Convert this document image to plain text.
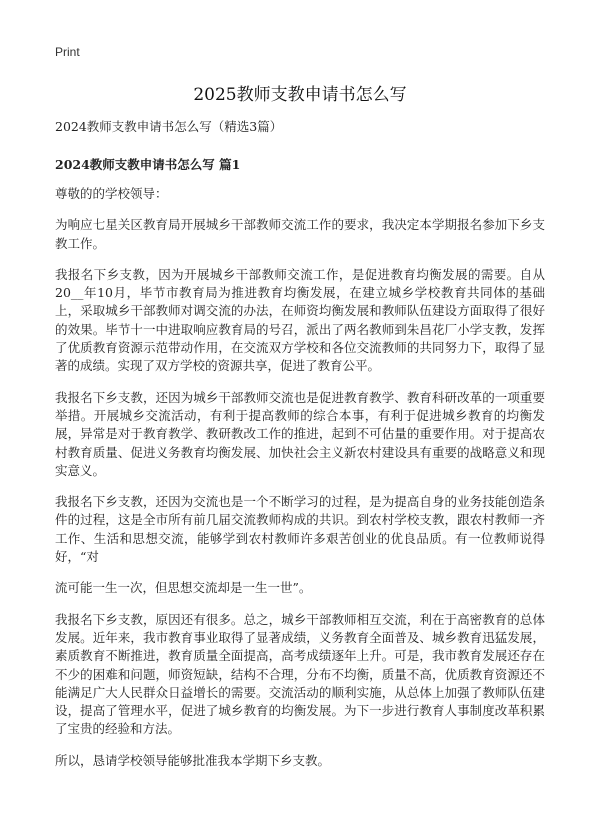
Print
2025教师支教申请书怎么写

2024教师支教申请书怎么写（精选3篇）

2024教师支教申请书怎么写 篇1

尊敬的的学校领导：

为响应七星关区教育局开展城乡干部教师交流工作的要求，我决定本学期报名参加下乡支教工作。

我报名下乡支教，因为开展城乡干部教师交流工作，是促进教育均衡发展的需要。自从20__年10月，毕节市教育局为推进教育均衡发展，在建立城乡学校教育共同体的基础上，采取城乡干部教师对调交流的办法，在师资均衡发展和教师队伍建设方面取得了很好的效果。毕节十一中进取响应教育局的号召，派出了两名教师到朱昌花厂小学支教，发挥了优质教育资源示范带动作用，在交流双方学校和各位交流教师的共同努力下，取得了显著的成绩。实现了双方学校的资源共享，促进了教育公平。

我报名下乡支教，还因为城乡干部教师交流也是促进教育教学、教育科研改革的一项重要举措。开展城乡交流活动，有利于提高教师的综合本事，有利于促进城乡教育的均衡发展，异常是对于教育教学、教研教改工作的推进，起到不可估量的重要作用。对于提高农村教育质量、促进义务教育均衡发展、加快社会主义新农村建设具有重要的战略意义和现实意义。

我报名下乡支教，还因为交流也是一个不断学习的过程，是为提高自身的业务技能创造条件的过程，这是全市所有前几届交流教师构成的共识。到农村学校支教，跟农村教师一齐工作、生活和思想交流，能够学到农村教师许多艰苦创业的优良品质。有一位教师说得好，“对

流可能一生一次，但思想交流却是一生一世”。

我报名下乡支教，原因还有很多。总之，城乡干部教师相互交流，利在于高密教育的总体发展。近年来，我市教育事业取得了显著成绩，义务教育全面普及、城乡教育迅猛发展，素质教育不断推进，教育质量全面提高，高考成绩逐年上升。可是，我市教育发展还存在不少的困难和问题，师资短缺，结构不合理，分布不均衡，质量不高，优质教育资源还不能满足广大人民群众日益增长的需要。交流活动的顺利实施，从总体上加强了教师队伍建设，提高了管理水平，促进了城乡教育的均衡发展。为下一步进行教育人事制度改革积累了宝贵的经验和方法。

所以，恳请学校领导能够批准我本学期下乡支教。
